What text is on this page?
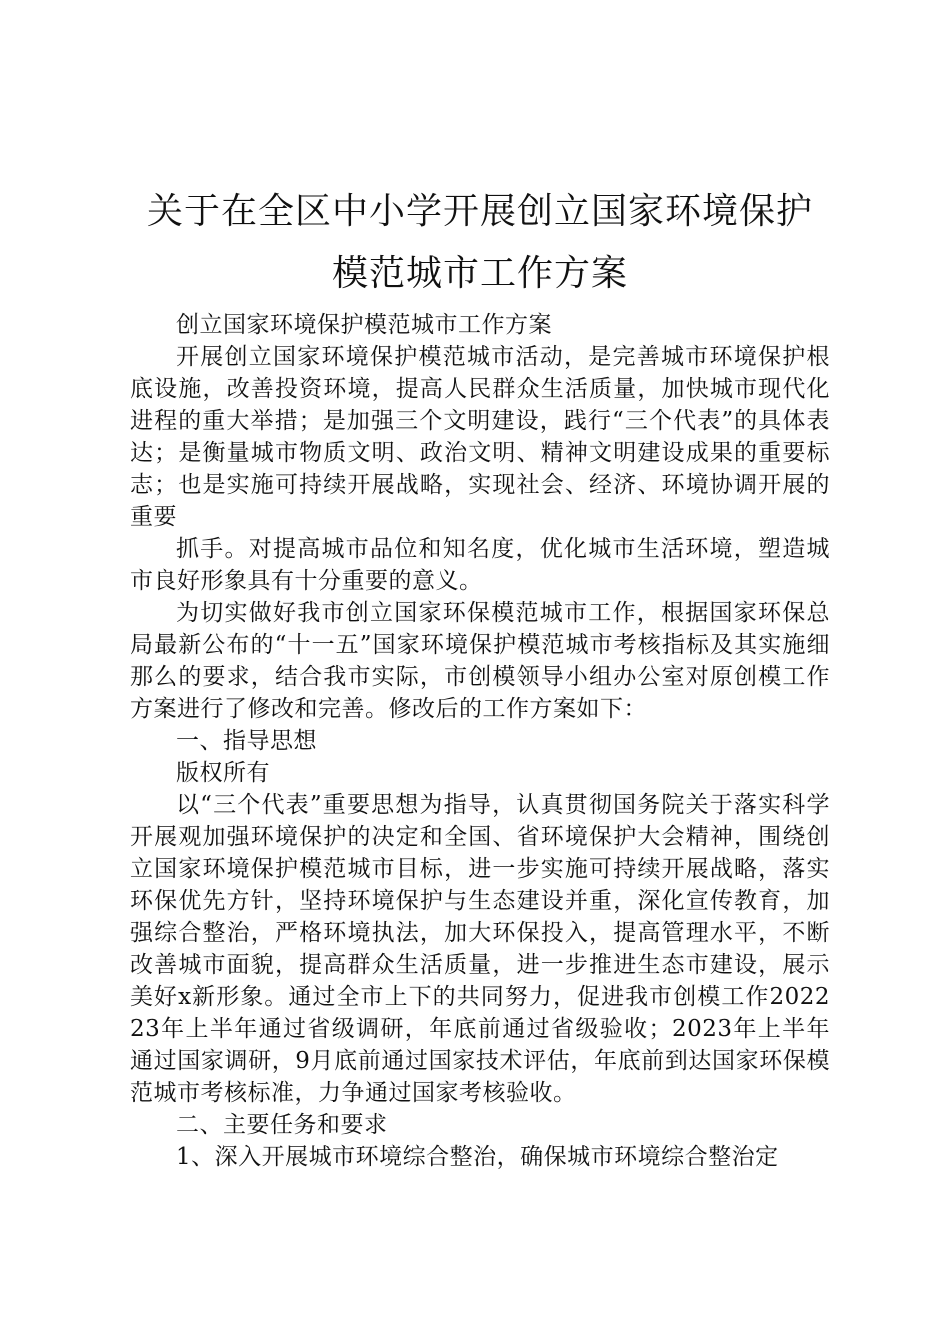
关于在全区中小学开展创立国家环境保护模范城市工作方案

创立国家环境保护模范城市工作方案

开展创立国家环境保护模范城市活动，是完善城市环境保护根底设施，改善投资环境，提高人民群众生活质量，加快城市现代化进程的重大举措；是加强三个文明建设，践行“三个代表”的具体表达；是衡量城市物质文明、政治文明、精神文明建设成果的重要标志；也是实施可持续开展战略，实现社会、经济、环境协调开展的重要

抓手。对提高城市品位和知名度，优化城市生活环境，塑造城市良好形象具有十分重要的意义。

为切实做好我市创立国家环保模范城市工作，根据国家环保总局最新公布的“十一五”国家环境保护模范城市考核指标及其实施细那么的要求，结合我市实际，市创模领导小组办公室对原创模工作方案进行了修改和完善。修改后的工作方案如下：

一、指导思想

版权所有

以“三个代表”重要思想为指导，认真贯彻国务院关于落实科学开展观加强环境保护的决定和全国、省环境保护大会精神，围绕创立国家环境保护模范城市目标，进一步实施可持续开展战略，落实环保优先方针，坚持环境保护与生态建设并重，深化宣传教育，加强综合整治，严格环境执法，加大环保投入，提高管理水平，不断改善城市面貌，提高群众生活质量，进一步推进生态市建设，展示美好x新形象。通过全市上下的共同努力，促进我市创模工作202223年上半年通过省级调研，年底前通过省级验收；2023年上半年通过国家调研，9月底前通过国家技术评估，年底前到达国家环保模范城市考核标准，力争通过国家考核验收。

二、主要任务和要求

1、深入开展城市环境综合整治，确保城市环境综合整治定
